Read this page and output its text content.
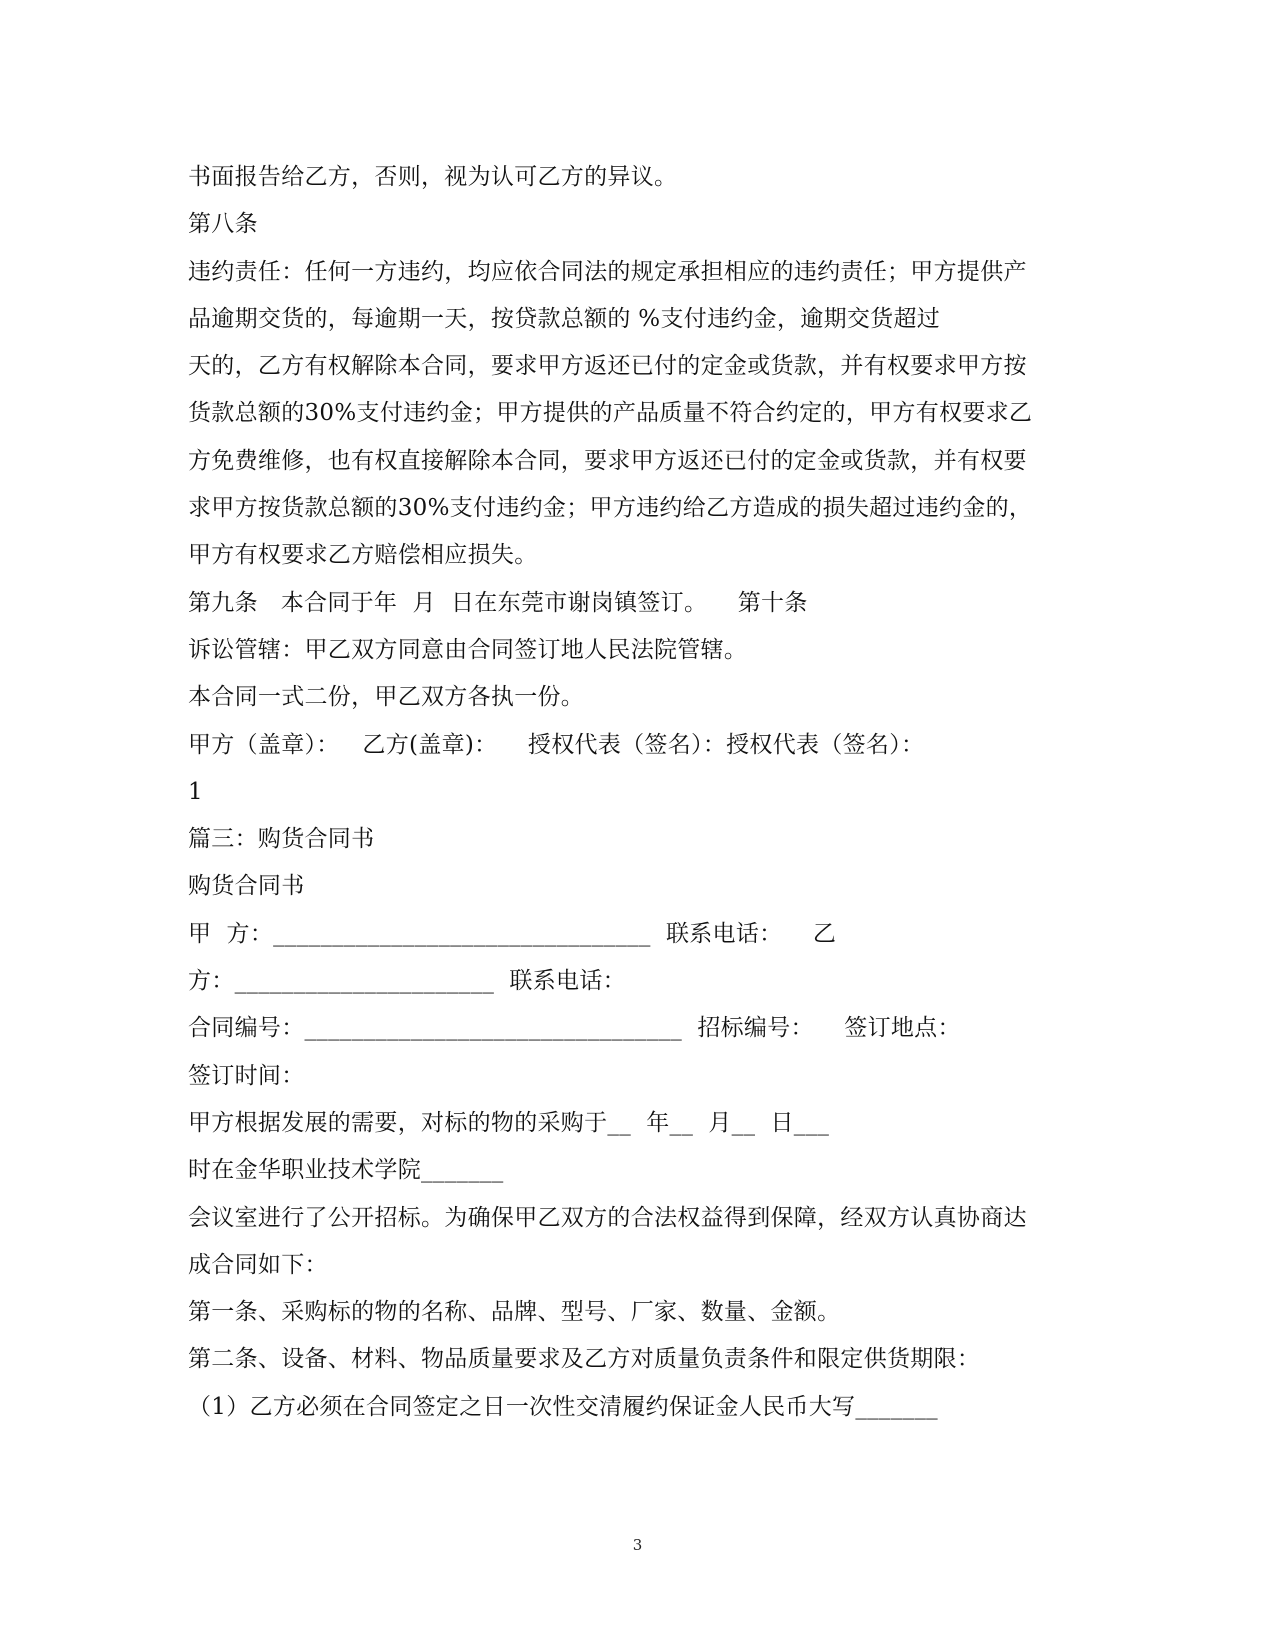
书面报告给乙方，否则，视为认可乙方的异议。
第八条
违约责任：任何一方违约，均应依合同法的规定承担相应的违约责任；甲方提供产
品逾期交货的，每逾期一天，按贷款总额的 %支付违约金，逾期交货超过
天的，乙方有权解除本合同，要求甲方返还已付的定金或货款，并有权要求甲方按
货款总额的30%支付违约金；甲方提供的产品质量不符合约定的，甲方有权要求乙
方免费维修，也有权直接解除本合同，要求甲方返还已付的定金或货款，并有权要
求甲方按货款总额的30%支付违约金；甲方违约给乙方造成的损失超过违约金的，
甲方有权要求乙方赔偿相应损失。
第九条   本合同于年  月  日在东莞市谢岗镇签订。    第十条
诉讼管辖：甲乙双方同意由合同签订地人民法院管辖。
本合同一式二份，甲乙双方各执一份。
甲方（盖章）：   乙方(盖章)：    授权代表（签名）：授权代表（签名）：
1
篇三：购货合同书
购货合同书
甲  方：________________________________  联系电话：    乙
方：______________________  联系电话：
合同编号：________________________________  招标编号：    签订地点：
签订时间：
甲方根据发展的需要，对标的物的采购于__  年__  月__  日___
时在金华职业技术学院_______
会议室进行了公开招标。为确保甲乙双方的合法权益得到保障，经双方认真协商达
成合同如下：
第一条、采购标的物的名称、品牌、型号、厂家、数量、金额。
第二条、设备、材料、物品质量要求及乙方对质量负责条件和限定供货期限：
（1）乙方必须在合同签定之日一次性交清履约保证金人民币大写_______
3
